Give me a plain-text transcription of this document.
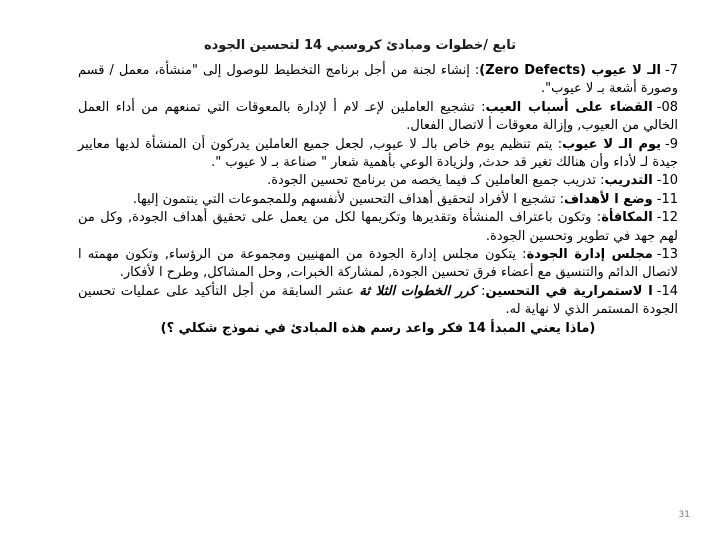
تابع /خطوات ومبادئ كروسبي 14 لتحسين الجوده

7-الـ لا عيوب (Zero Defects): إنشاء لجنة من أجل برنامج التخطيط للوصول إلى "منشأة، معمل / قسم وصورة أشعة بـ لا عيوب".

08-القضاء على أسباب العيب: تشجيع العاملين لإعـ لام أ لإدارة بالمعوقات التي تمنعهم من أداء العمل الخالي من العيوب, وإزالة معوقات أ لاتصال الفعال.

9-يوم الـ لا عيوب: يتم تنظيم يوم خاص بالـ لا عيوب, لجعل جميع العاملين يدركون أن المنشأة لديها معايير جيدة لـ لأداء وأن هنالك تغير قد حدث, ولزيادة الوعي بأهمية شعار " صناعة بـ لا عيوب ".

10-التدريب: تدريب جميع العاملين كـ فيما يخصه من برنامج تحسين الجودة.

11-وضع ا لأهداف: تشجيع ا لأفراد لتحقيق أهداف التحسين لأنفسهم وللمجموعات التي ينتمون إليها.

12-المكافأة: وتكون باعتراف المنشأة وتقديرها وتكريمها لكل من يعمل على تحقيق أهداف الجودة, وكل من لهم جهد في تطوير وتحسين الجودة.

13-مجلس إدارة الجودة: يتكون مجلس إدارة الجودة من المهنيين ومجموعة من الرؤساء, وتكون مهمته ا لاتصال الدائم والتنسيق مع أعضاء فرق تحسين الجودة, لمشاركة الخبرات, وحل المشاكل, وطرح ا لأفكار.

14-ا لاستمرارية في التحسين: كرر الخطوات الثلا ثة عشر السابقة من أجل التأكيد على عمليات تحسين الجودة المستمر الذي لا نهاية له.

(ماذا يعني المبدأ 14 فكر واعد رسم هذه المبادئ في نموذج شكلي ؟)

31
